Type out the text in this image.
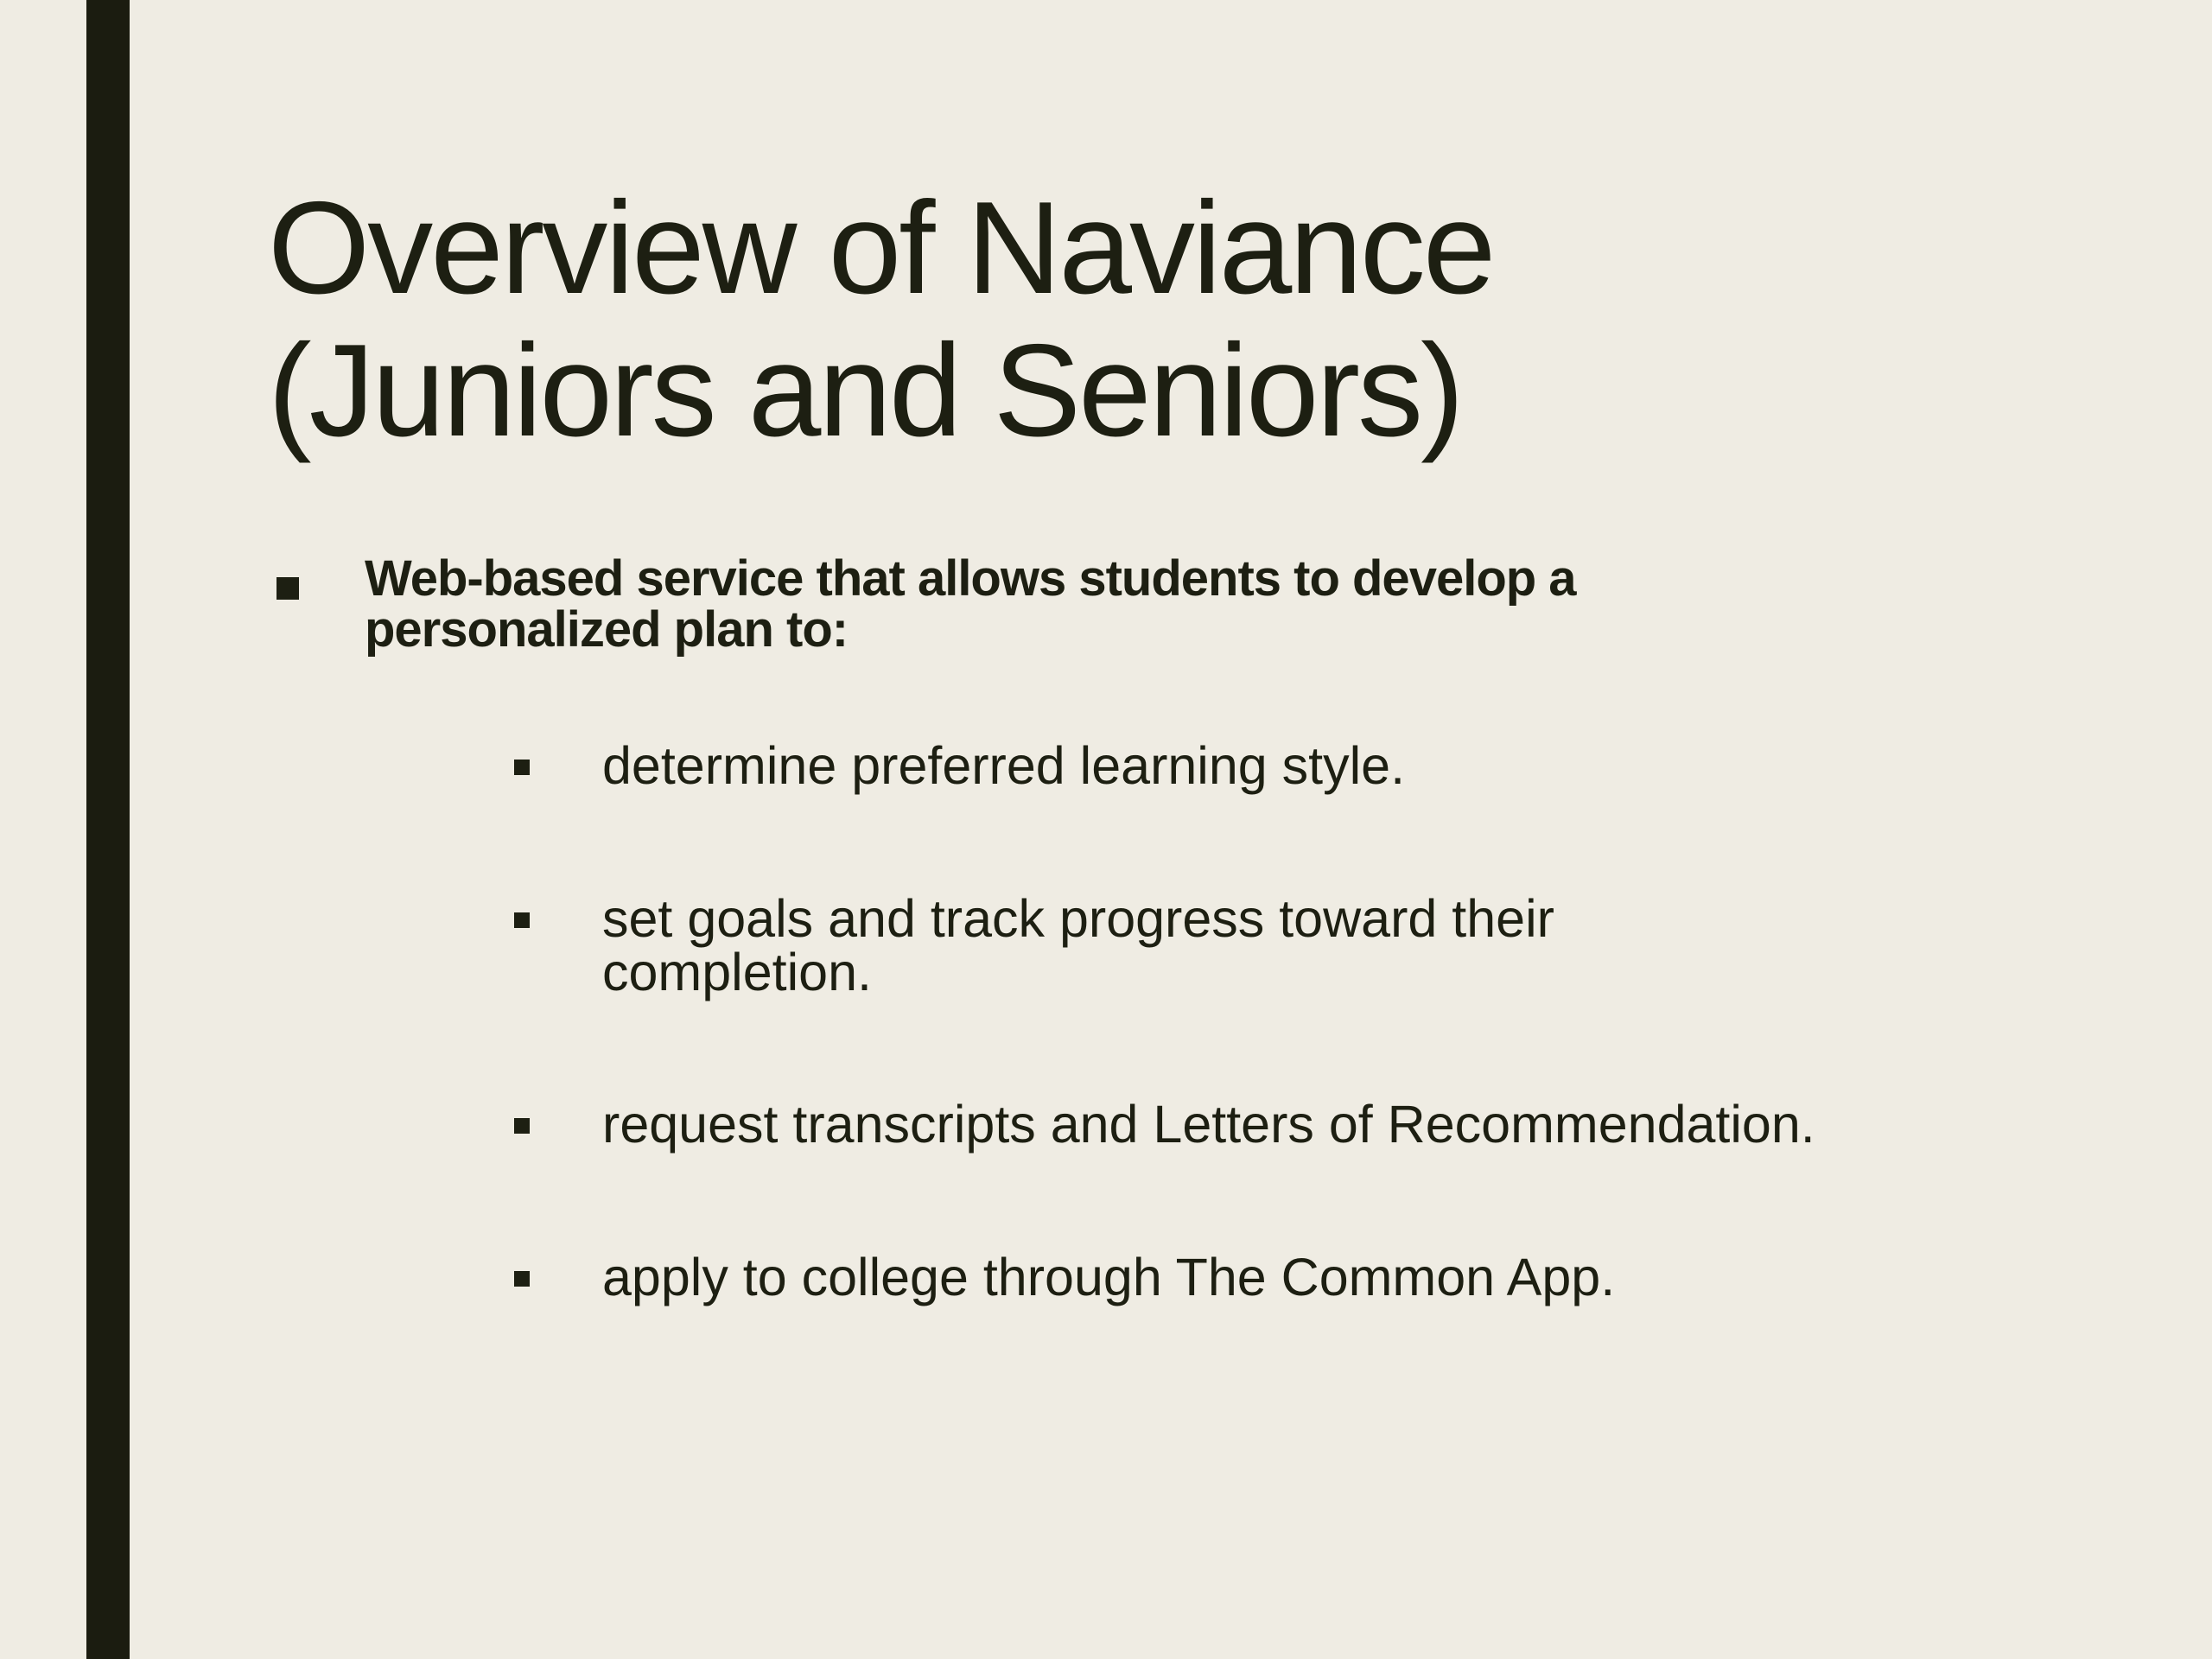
Overview of Naviance
(Juniors and Seniors)
Web-based service that allows students to develop a personalized plan to:
determine preferred learning style.
set goals and track progress toward their completion.
request transcripts and Letters of Recommendation.
apply to college through The Common App.
